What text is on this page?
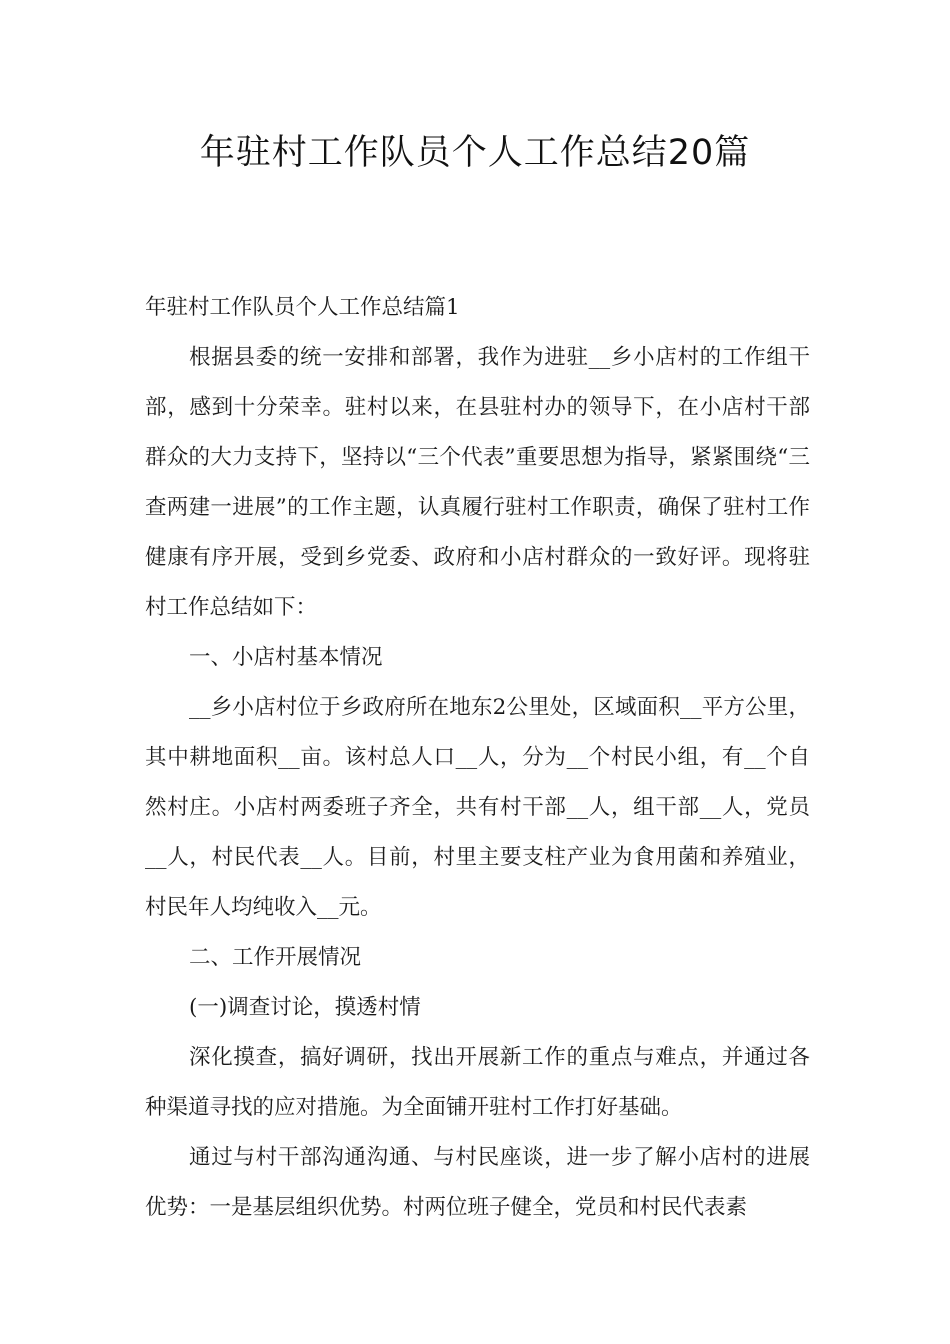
年驻村工作队员个人工作总结20篇

年驻村工作队员个人工作总结篇1

根据县委的统一安排和部署，我作为进驻__乡小店村的工作组干部，感到十分荣幸。驻村以来，在县驻村办的领导下，在小店村干部群众的大力支持下，坚持以“三个代表”重要思想为指导，紧紧围绕“三查两建一进展”的工作主题，认真履行驻村工作职责，确保了驻村工作健康有序开展，受到乡党委、政府和小店村群众的一致好评。现将驻村工作总结如下：

一、小店村基本情况

__乡小店村位于乡政府所在地东2公里处，区域面积__平方公里，其中耕地面积__亩。该村总人口__人，分为__个村民小组，有__个自然村庄。小店村两委班子齐全，共有村干部__人，组干部__人，党员__人，村民代表__人。目前，村里主要支柱产业为食用菌和养殖业，村民年人均纯收入__元。

二、工作开展情况

(一)调查讨论，摸透村情

深化摸查，搞好调研，找出开展新工作的重点与难点，并通过各种渠道寻找的应对措施。为全面铺开驻村工作打好基础。

通过与村干部沟通沟通、与村民座谈，进一步了解小店村的进展优势：一是基层组织优势。村两位班子健全，党员和村民代表素
